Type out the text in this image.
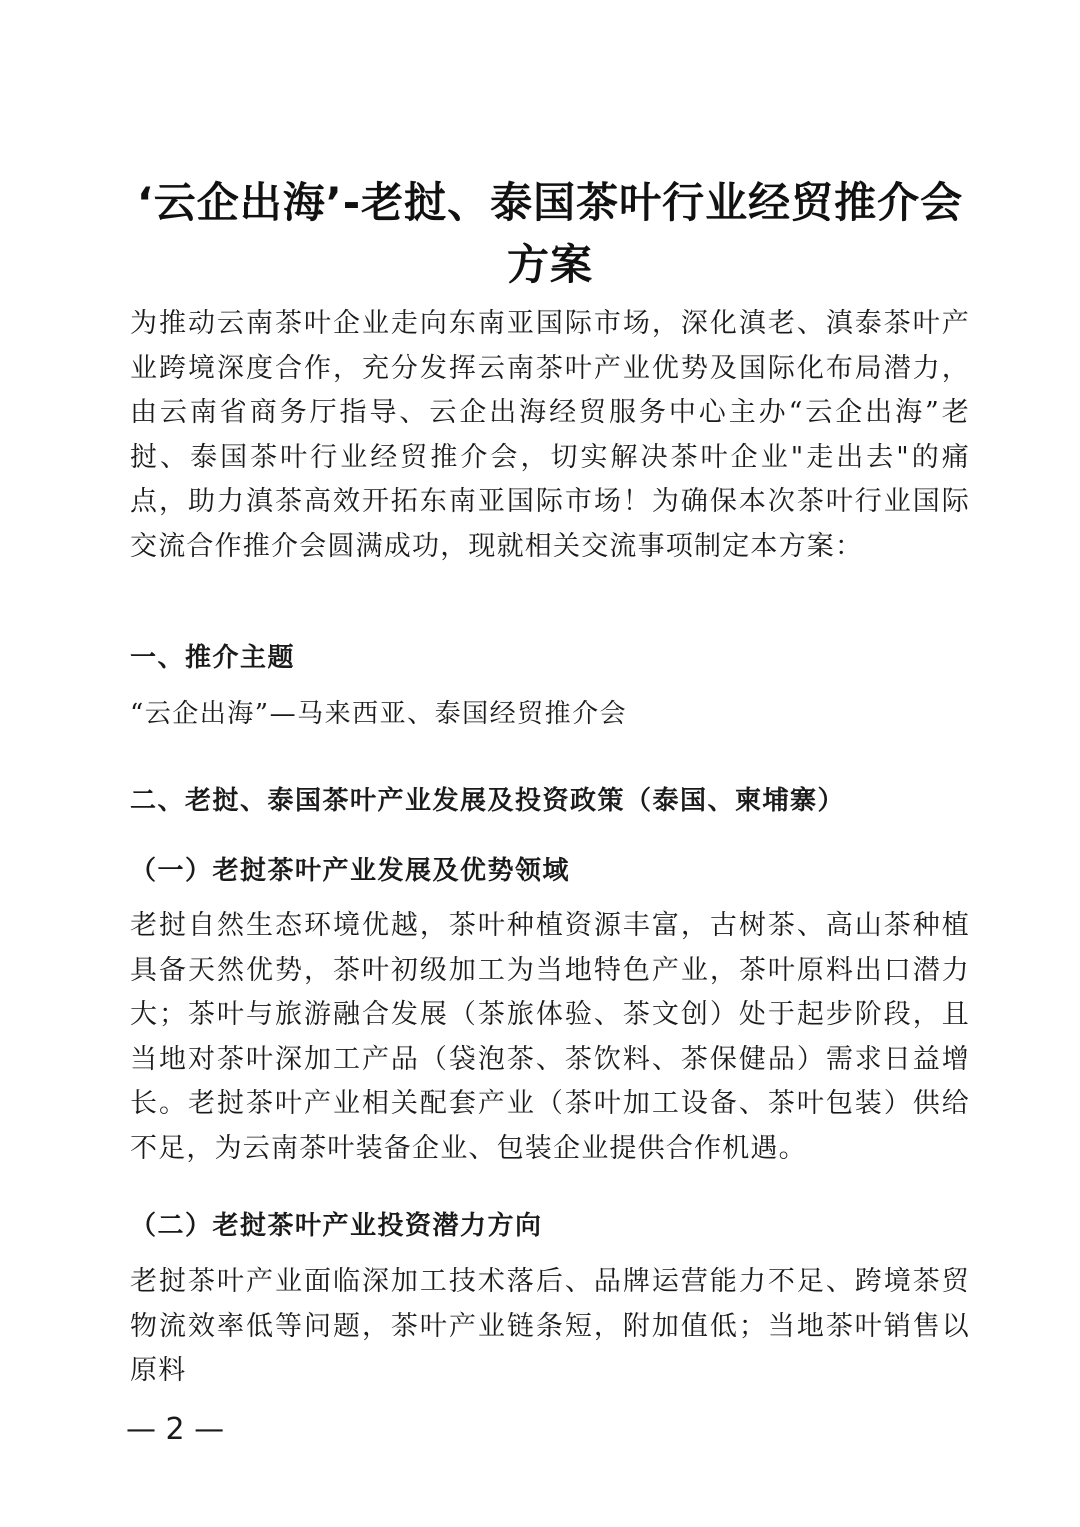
‘云企出海’-老挝、泰国茶叶行业经贸推介会方案

为推动云南茶叶企业走向东南亚国际市场，深化滇老、滇泰茶叶产业跨境深度合作，充分发挥云南茶叶产业优势及国际化布局潜力，由云南省商务厅指导、云企出海经贸服务中心主办“云企出海”老挝、泰国茶叶行业经贸推介会，切实解决茶叶企业"走出去"的痛点，助力滇茶高效开拓东南亚国际市场！为确保本次茶叶行业国际交流合作推介会圆满成功，现就相关交流事项制定本方案：

一、推介主题

“云企出海”—马来西亚、泰国经贸推介会

二、老挝、泰国茶叶产业发展及投资政策（泰国、柬埔寨）
（一）老挝茶叶产业发展及优势领域

老挝自然生态环境优越，茶叶种植资源丰富，古树茶、高山茶种植具备天然优势，茶叶初级加工为当地特色产业，茶叶原料出口潜力大；茶叶与旅游融合发展（茶旅体验、茶文创）处于起步阶段，且当地对茶叶深加工产品（袋泡茶、茶饮料、茶保健品）需求日益增长。老挝茶叶产业相关配套产业（茶叶加工设备、茶叶包装）供给不足，为云南茶叶装备企业、包装企业提供合作机遇。

（二）老挝茶叶产业投资潜力方向

老挝茶叶产业面临深加工技术落后、品牌运营能力不足、跨境茶贸物流效率低等问题，茶叶产业链条短，附加值低；当地茶叶销售以原料

— 2 —
